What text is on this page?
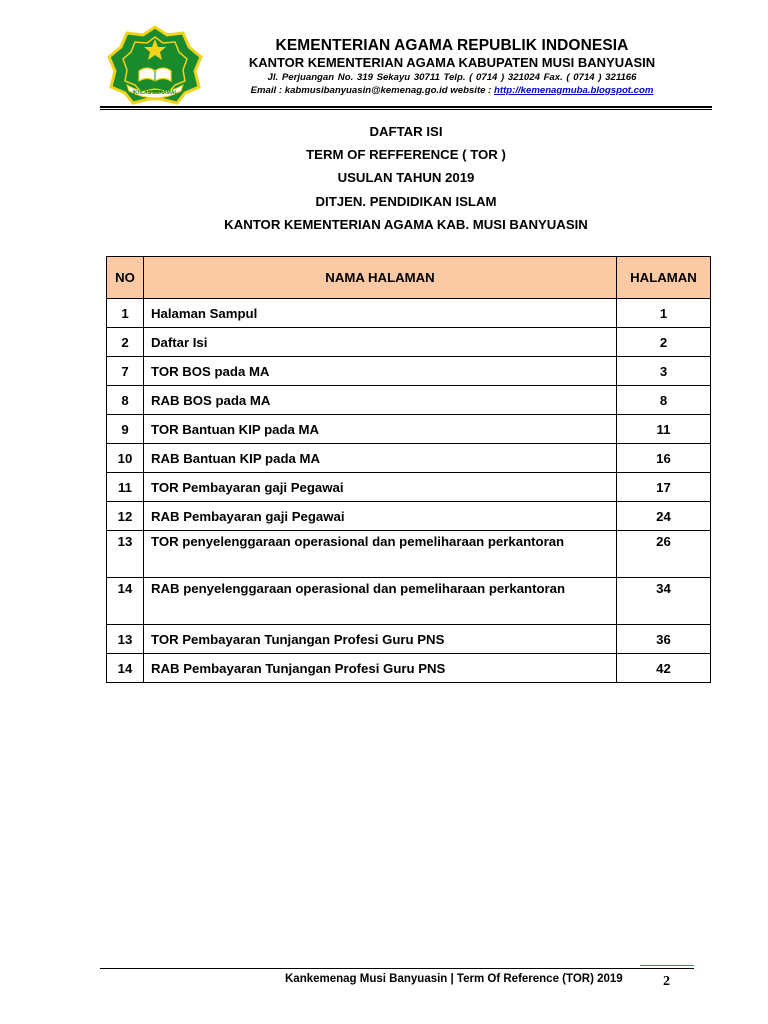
IKHLAS BERAMAL
KEMENTERIAN AGAMA REPUBLIK INDONESIA
KANTOR KEMENTERIAN AGAMA KABUPATEN MUSI BANYUASIN
Jl. Perjuangan No. 319 Sekayu 30711 Telp. ( 0714 ) 321024 Fax. ( 0714 ) 321166
Email : kabmusibanyuasin@kemenag.go.id website : http://kemenagmuba.blogspot.com
DAFTAR ISI
TERM OF REFFERENCE ( TOR )
USULAN TAHUN 2019
DITJEN. PENDIDIKAN ISLAM
KANTOR KEMENTERIAN AGAMA KAB. MUSI BANYUASIN
NO	NAMA HALAMAN	HALAMAN
1	Halaman Sampul	1
2	Daftar Isi	2
7	TOR BOS pada MA	3
8	RAB BOS pada MA	8
9	TOR Bantuan KIP pada MA	11
10	RAB Bantuan KIP pada MA	16
11	TOR Pembayaran gaji Pegawai	17
12	RAB Pembayaran gaji Pegawai	24
13	TOR penyelenggaraan operasional dan pemeliharaan perkantoran	26
14	RAB penyelenggaraan operasional dan pemeliharaan perkantoran	34
13	TOR Pembayaran Tunjangan Profesi Guru PNS	36
14	RAB Pembayaran Tunjangan Profesi Guru PNS	42
Kankemenag Musi Banyuasin | Term Of Reference (TOR) 2019	2
